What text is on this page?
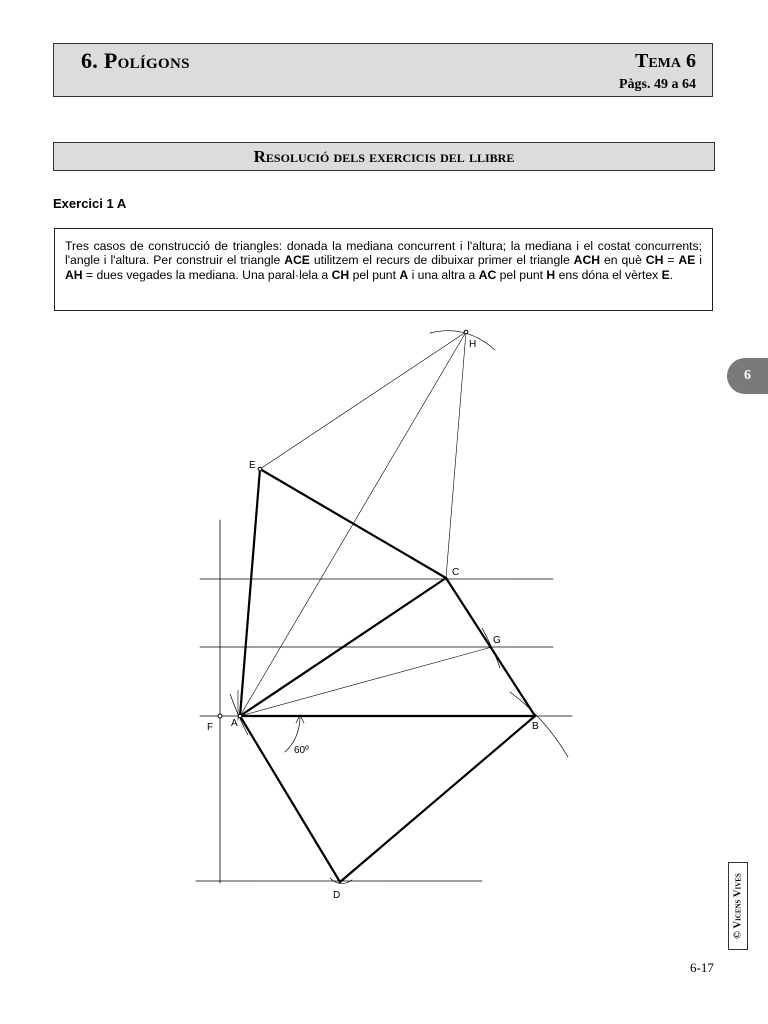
6. Polígons	Tema 6
Pàgs. 49 a 64
Resolució dels exercicis del llibre
Exercici 1 A
Tres casos de construcció de triangles: donada la mediana concurrent i l'altura; la mediana i el costat concurrents; l'angle i l'altura. Per construir el triangle ACE utilitzem el recurs de dibuixar primer el triangle ACH en què CH = AE i AH = dues vegades la mediana. Una paral·lela a CH pel punt A i una altra a AC pel punt H ens dóna el vèrtex E.
6
H
E
C
G
A
F	B
D
60º
© Vicens Vives
6-17
